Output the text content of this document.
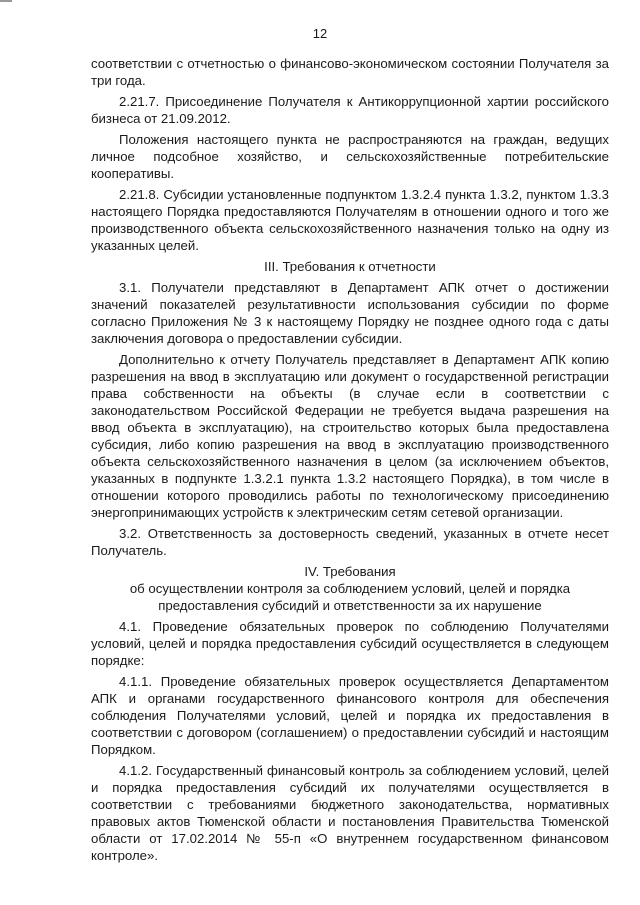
12

соответствии с отчетностью о финансово-экономическом состоянии Получателя за три года.

2.21.7. Присоединение Получателя к Антикоррупционной хартии российского бизнеса от 21.09.2012.

Положения настоящего пункта не распространяются на граждан, ведущих личное подсобное хозяйство, и сельскохозяйственные потребительские кооперативы.

2.21.8. Субсидии установленные подпунктом 1.3.2.4 пункта 1.3.2, пунктом 1.3.3 настоящего Порядка предоставляются Получателям в отношении одного и того же производственного объекта сельскохозяйственного назначения только на одну из указанных целей.

III. Требования к отчетности

3.1. Получатели представляют в Департамент АПК отчет о достижении значений показателей результативности использования субсидии по форме согласно Приложения № 3 к настоящему Порядку не позднее одного года с даты заключения договора о предоставлении субсидии.

Дополнительно к отчету Получатель представляет в Департамент АПК копию разрешения на ввод в эксплуатацию или документ о государственной регистрации права собственности на объекты (в случае если в соответствии с законодательством Российской Федерации не требуется выдача разрешения на ввод объекта в эксплуатацию), на строительство которых была предоставлена субсидия, либо копию разрешения на ввод в эксплуатацию производственного объекта сельскохозяйственного назначения в целом (за исключением объектов, указанных в подпункте 1.3.2.1 пункта 1.3.2 настоящего Порядка), в том числе в отношении которого проводились работы по технологическому присоединению энергопринимающих устройств к электрическим сетям сетевой организации.

3.2. Ответственность за достоверность сведений, указанных в отчете несет Получатель.

IV. Требования
об осуществлении контроля за соблюдением условий, целей и порядка
предоставления субсидий и ответственности за их нарушение

4.1. Проведение обязательных проверок по соблюдению Получателями условий, целей и порядка предоставления субсидий осуществляется в следующем порядке:

4.1.1. Проведение обязательных проверок осуществляется Департаментом АПК и органами государственного финансового контроля для обеспечения соблюдения Получателями условий, целей и порядка их предоставления в соответствии с договором (соглашением) о предоставлении субсидий и настоящим Порядком.

4.1.2. Государственный финансовый контроль за соблюдением условий, целей и порядка предоставления субсидий их получателями осуществляется в соответствии с требованиями бюджетного законодательства, нормативных правовых актов Тюменской области и постановления Правительства Тюменской области от 17.02.2014 № 55-п «О внутреннем государственном финансовом контроле».
